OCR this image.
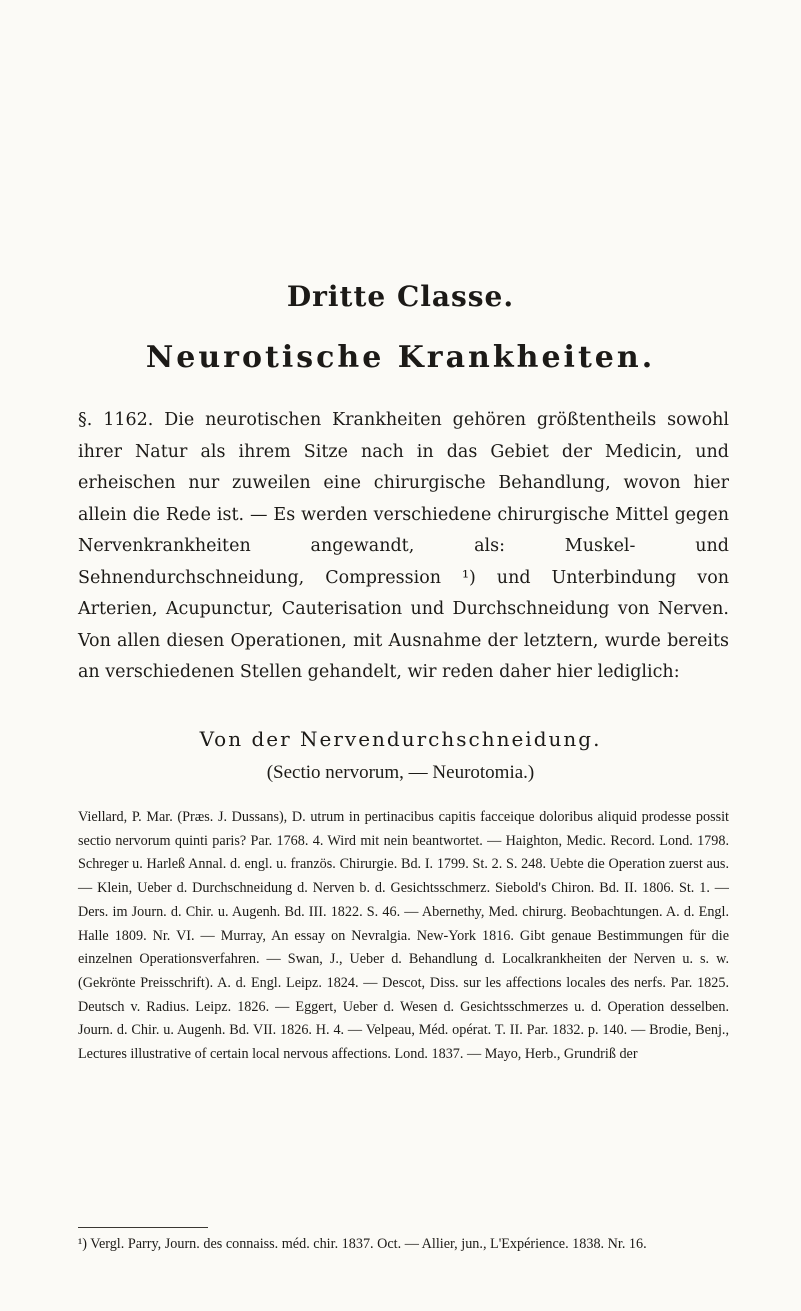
Dritte Classe.
Neurotische Krankheiten.
§. 1162. Die neurotischen Krankheiten gehören größtentheils sowohl ihrer Natur als ihrem Sitze nach in das Gebiet der Medicin, und erheischen nur zuweilen eine chirurgische Behandlung, wovon hier allein die Rede ist. — Es werden verschiedene chirurgische Mittel gegen Nervenkrankheiten angewandt, als: Muskel- und Sehnendurchschneidung, Compression ¹) und Unterbindung von Arterien, Acupunctur, Cauterisation und Durchschneidung von Nerven. Von allen diesen Operationen, mit Ausnahme der letztern, wurde bereits an verschiedenen Stellen gehandelt, wir reden daher hier lediglich:
Von der Nervendurchschneidung.
(Sectio nervorum, — Neurotomia.)
Viellard, P. Mar. (Præs. J. Dussans), D. utrum in pertinacibus capitis facceique doloribus aliquid prodesse possit sectio nervorum quinti paris? Par. 1768. 4. Wird mit nein beantwortet. — Haighton, Medic. Record. Lond. 1798. Schreger u. Harleß Annal. d. engl. u. französ. Chirurgie. Bd. I. 1799. St. 2. S. 248. Uebte die Operation zuerst aus. — Klein, Ueber d. Durchschneidung d. Nerven b. d. Gesichtsschmerz. Siebold's Chiron. Bd. II. 1806. St. 1. — Ders. im Journ. d. Chir. u. Augenh. Bd. III. 1822. S. 46. — Abernethy, Med. chirurg. Beobachtungen. A. d. Engl. Halle 1809. Nr. VI. — Murray, An essay on Nevralgia. New-York 1816. Gibt genaue Bestimmungen für die einzelnen Operationsverfahren. — Swan, J., Ueber d. Behandlung d. Localkrankheiten der Nerven u. s. w. (Gekrönte Preisschrift). A. d. Engl. Leipz. 1824. — Descot, Diss. sur les affections locales des nerfs. Par. 1825. Deutsch v. Radius. Leipz. 1826. — Eggert, Ueber d. Wesen d. Gesichtsschmerzes u. d. Operation desselben. Journ. d. Chir. u. Augenh. Bd. VII. 1826. H. 4. — Velpeau, Méd. opérat. T. II. Par. 1832. p. 140. — Brodie, Benj., Lectures illustrative of certain local nervous affections. Lond. 1837. — Mayo, Herb., Grundriß der
¹) Vergl. Parry, Journ. des connaiss. méd. chir. 1837. Oct. — Allier, jun., L'Expérience. 1838. Nr. 16.
